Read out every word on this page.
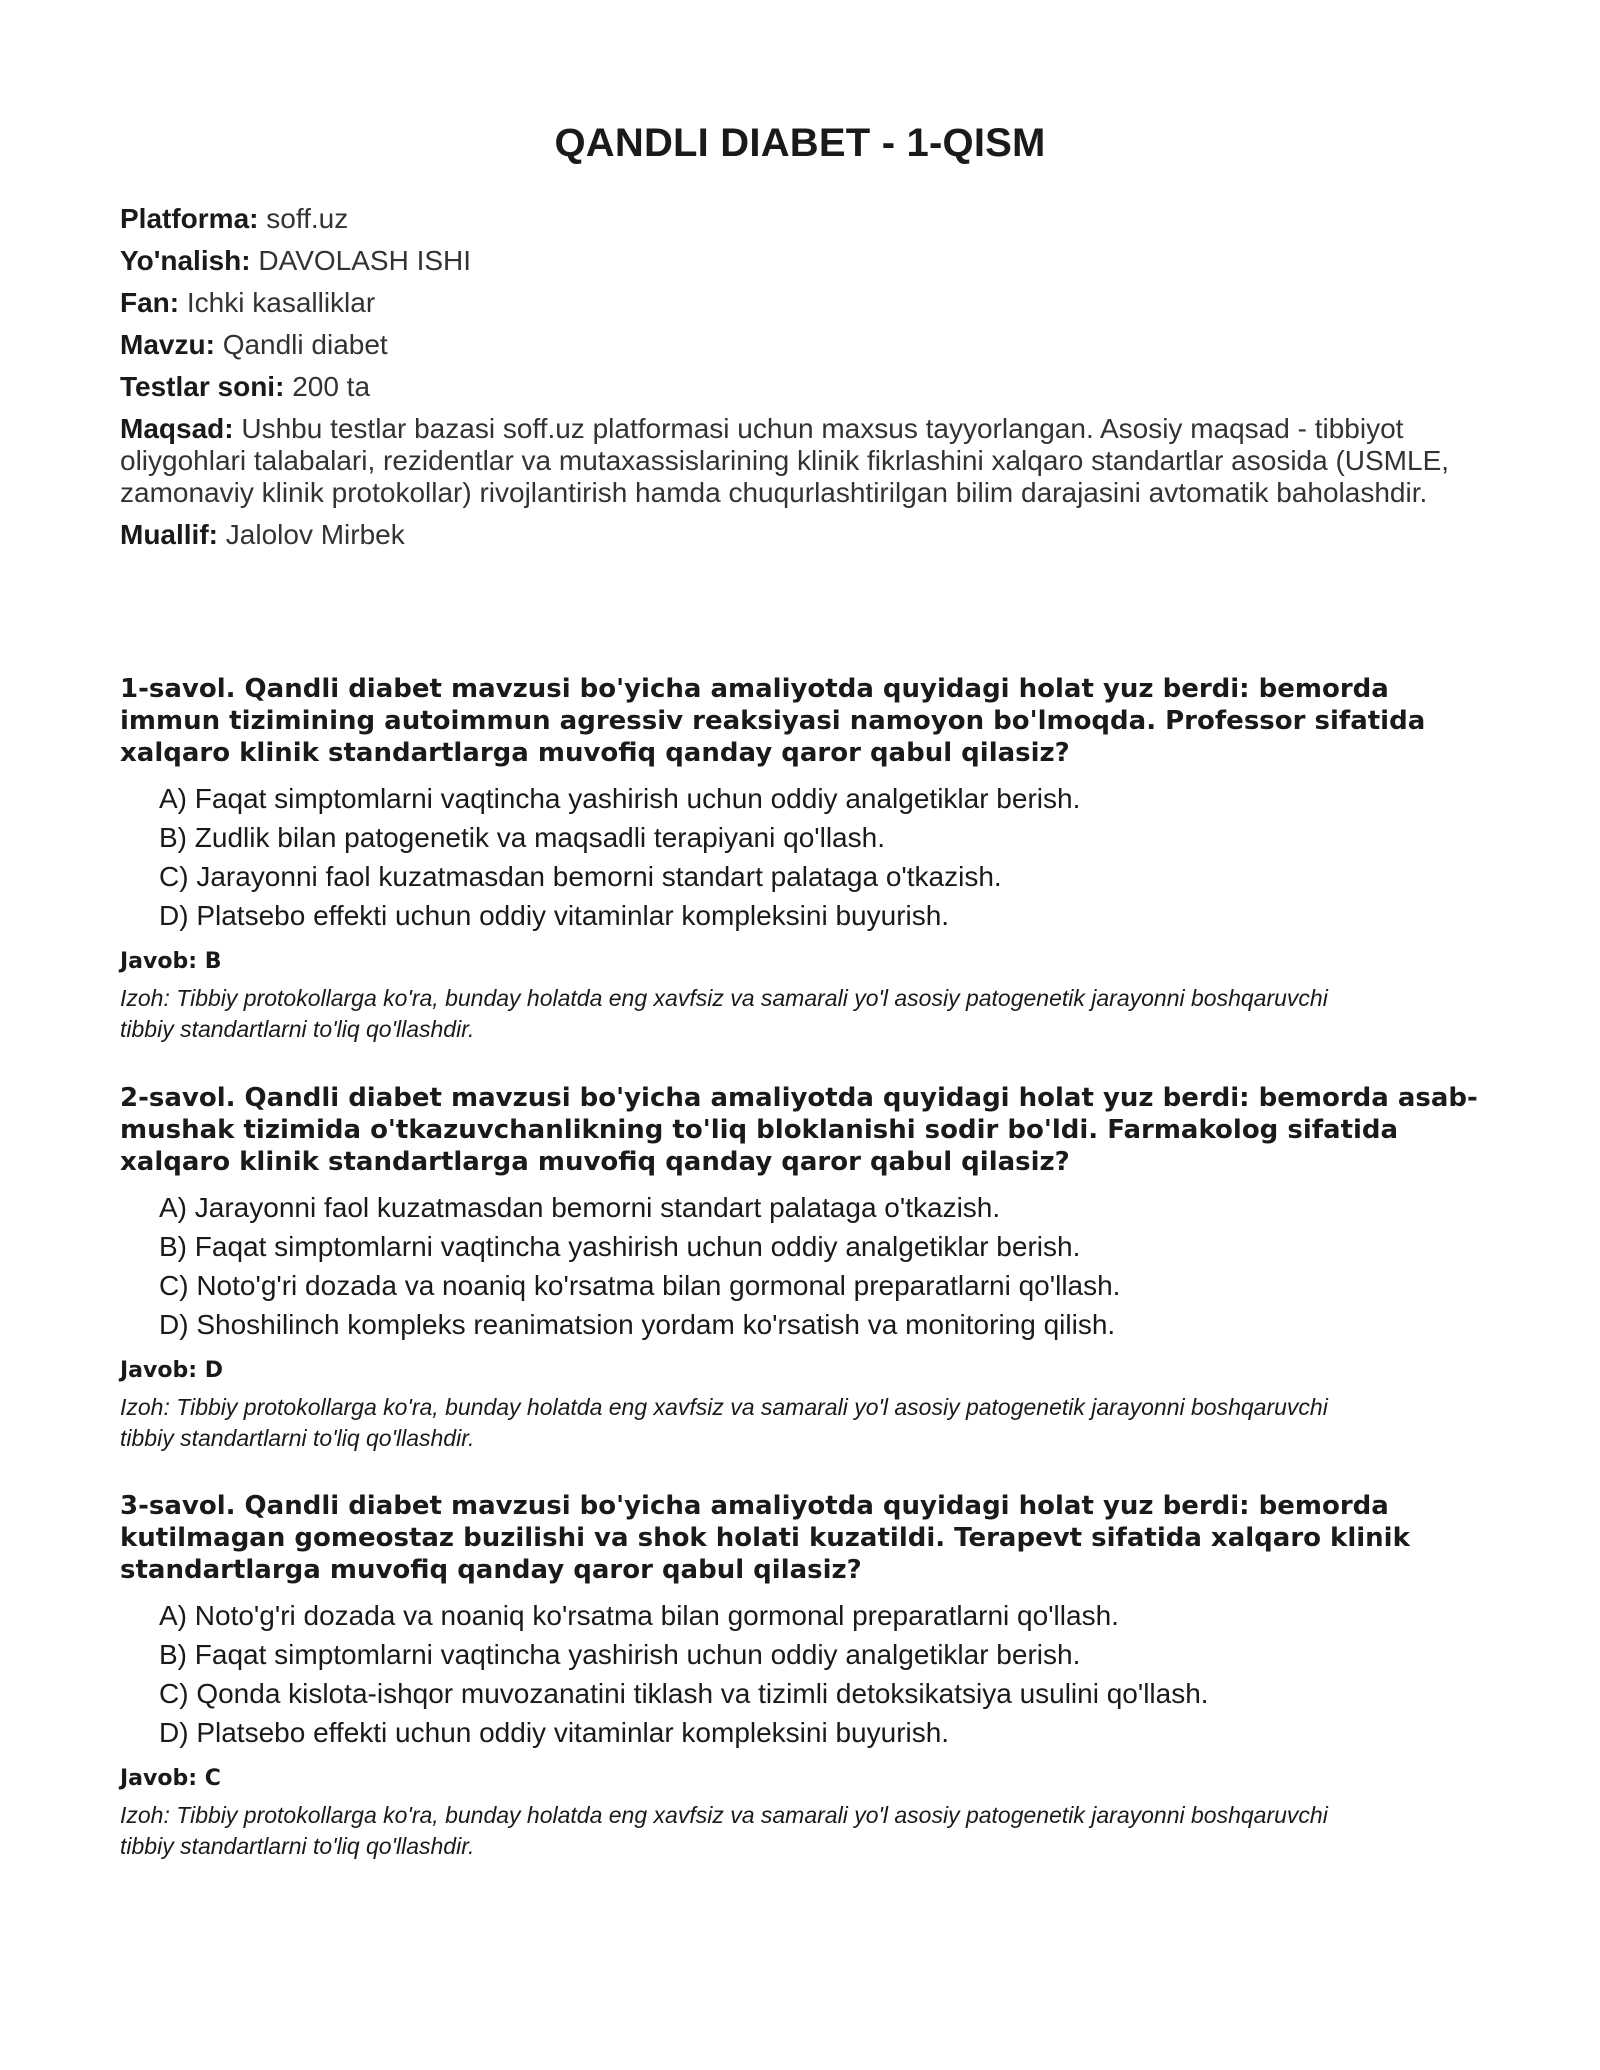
QANDLI DIABET - 1-QISM
Platforma: soff.uz
Yo'nalish: DAVOLASH ISHI
Fan: Ichki kasalliklar
Mavzu: Qandli diabet
Testlar soni: 200 ta
Maqsad: Ushbu testlar bazasi soff.uz platformasi uchun maxsus tayyorlangan. Asosiy maqsad - tibbiyot oliygohlari talabalari, rezidentlar va mutaxassislarining klinik fikrlashini xalqaro standartlar asosida (USMLE, zamonaviy klinik protokollar) rivojlantirish hamda chuqurlashtirilgan bilim darajasini avtomatik baholashdir.
Muallif: Jalolov Mirbek
1-savol. Qandli diabet mavzusi bo'yicha amaliyotda quyidagi holat yuz berdi: bemorda immun tizimining autoimmun agressiv reaksiyasi namoyon bo'lmoqda. Professor sifatida xalqaro klinik standartlarga muvofiq qanday qaror qabul qilasiz?
A) Faqat simptomlarni vaqtincha yashirish uchun oddiy analgetiklar berish.
B) Zudlik bilan patogenetik va maqsadli terapiyani qo'llash.
C) Jarayonni faol kuzatmasdan bemorni standart palataga o'tkazish.
D) Platsebo effekti uchun oddiy vitaminlar kompleksini buyurish.
Javob: B
Izoh: Tibbiy protokollarga ko'ra, bunday holatda eng xavfsiz va samarali yo'l asosiy patogenetik jarayonni boshqaruvchi tibbiy standartlarni to'liq qo'llashdir.
2-savol. Qandli diabet mavzusi bo'yicha amaliyotda quyidagi holat yuz berdi: bemorda asab-mushak tizimida o'tkazuvchanlikning to'liq bloklanishi sodir bo'ldi. Farmakolog sifatida xalqaro klinik standartlarga muvofiq qanday qaror qabul qilasiz?
A) Jarayonni faol kuzatmasdan bemorni standart palataga o'tkazish.
B) Faqat simptomlarni vaqtincha yashirish uchun oddiy analgetiklar berish.
C) Noto'g'ri dozada va noaniq ko'rsatma bilan gormonal preparatlarni qo'llash.
D) Shoshilinch kompleks reanimatsion yordam ko'rsatish va monitoring qilish.
Javob: D
Izoh: Tibbiy protokollarga ko'ra, bunday holatda eng xavfsiz va samarali yo'l asosiy patogenetik jarayonni boshqaruvchi tibbiy standartlarni to'liq qo'llashdir.
3-savol. Qandli diabet mavzusi bo'yicha amaliyotda quyidagi holat yuz berdi: bemorda kutilmagan gomeostaz buzilishi va shok holati kuzatildi. Terapevt sifatida xalqaro klinik standartlarga muvofiq qanday qaror qabul qilasiz?
A) Noto'g'ri dozada va noaniq ko'rsatma bilan gormonal preparatlarni qo'llash.
B) Faqat simptomlarni vaqtincha yashirish uchun oddiy analgetiklar berish.
C) Qonda kislota-ishqor muvozanatini tiklash va tizimli detoksikatsiya usulini qo'llash.
D) Platsebo effekti uchun oddiy vitaminlar kompleksini buyurish.
Javob: C
Izoh: Tibbiy protokollarga ko'ra, bunday holatda eng xavfsiz va samarali yo'l asosiy patogenetik jarayonni boshqaruvchi tibbiy standartlarni to'liq qo'llashdir.
